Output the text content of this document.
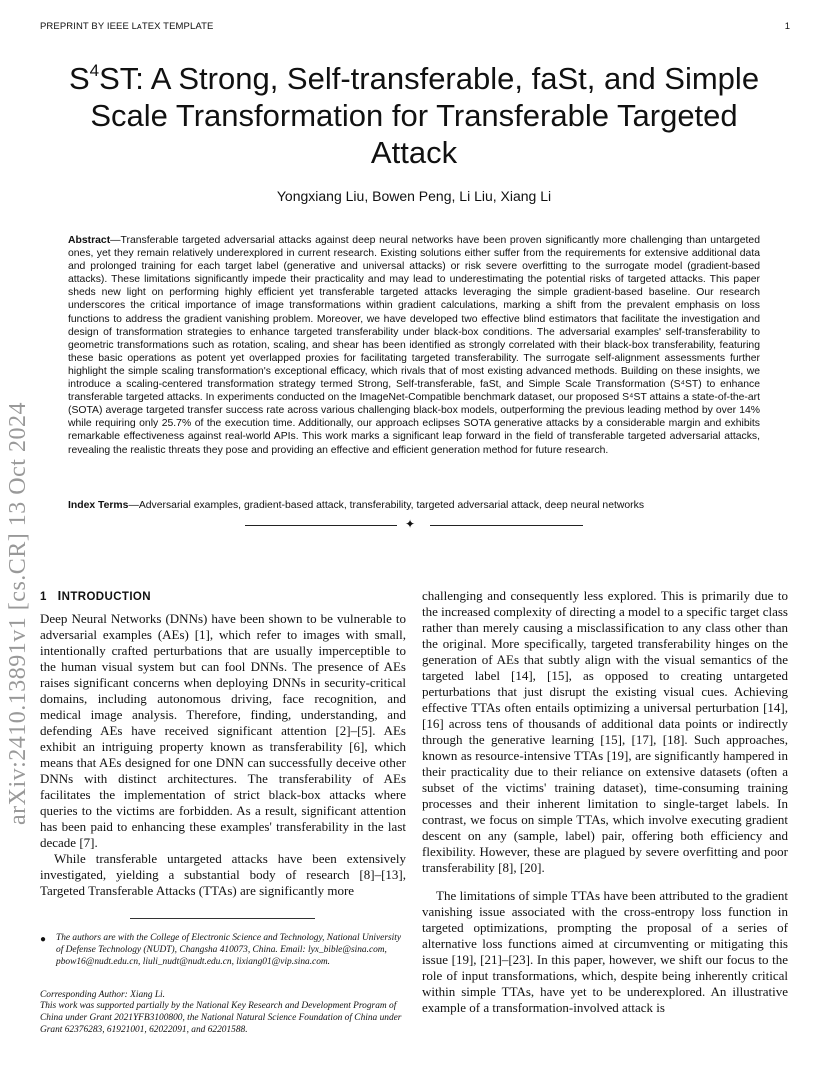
PREPRINT BY IEEE LᴀTEX TEMPLATE	1
$S^4ST$: A Strong, Self-transferable, faSt, and Simple
Scale Transformation for Transferable Targeted
Attack
Yongxiang Liu, Bowen Peng, Li Liu, Xiang Li
Abstract—Transferable targeted adversarial attacks against deep neural networks have been proven significantly more challenging than untargeted ones, yet they remain relatively underexplored in current research. Existing solutions either suffer from the requirements for extensive additional data and prolonged training for each target label (generative and universal attacks) or risk severe overfitting to the surrogate model (gradient-based attacks). These limitations significantly impede their practicality and may lead to underestimating the potential risks of targeted attacks. This paper sheds new light on performing highly efficient yet transferable targeted attacks leveraging the simple gradient-based baseline. Our research underscores the critical importance of image transformations within gradient calculations, marking a shift from the prevalent emphasis on loss functions to address the gradient vanishing problem. Moreover, we have developed two effective blind estimators that facilitate the investigation and design of transformation strategies to enhance targeted transferability under black-box conditions. The adversarial examples' self-transferability to geometric transformations such as rotation, scaling, and shear has been identified as strongly correlated with their black-box transferability, featuring these basic operations as potent yet overlapped proxies for facilitating targeted transferability. The surrogate self-alignment assessments further highlight the simple scaling transformation's exceptional efficacy, which rivals that of most existing advanced methods. Building on these insights, we introduce a scaling-centered transformation strategy termed Strong, Self-transferable, faSt, and Simple Scale Transformation (S⁴ST) to enhance transferable targeted attacks. In experiments conducted on the ImageNet-Compatible benchmark dataset, our proposed S⁴ST attains a state-of-the-art (SOTA) average targeted transfer success rate across various challenging black-box models, outperforming the previous leading method by over 14% while requiring only 25.7% of the execution time. Additionally, our approach eclipses SOTA generative attacks by a considerable margin and exhibits remarkable effectiveness against real-world APIs. This work marks a significant leap forward in the field of transferable targeted adversarial attacks, revealing the realistic threats they pose and providing an effective and efficient generation method for future research.
Index Terms—Adversarial examples, gradient-based attack, transferability, targeted adversarial attack, deep neural networks
✦
arXiv:2410.13891v1 [cs.CR] 13 Oct 2024 1 INTRODUCTION

Deep Neural Networks (DNNs) have been shown to be vulnerable to adversarial examples (AEs) [1], which refer to images with small, intentionally crafted perturbations that are usually imperceptible to the human visual system but can fool DNNs. The presence of AEs raises significant concerns when deploying DNNs in security-critical domains, including autonomous driving, face recognition, and medical image analysis. Therefore, finding, understanding, and defending AEs have received significant attention [2]–[5]. AEs exhibit an intriguing property known as transferability [6], which means that AEs designed for one DNN can successfully deceive other DNNs with distinct architectures. The transferability of AEs facilitates the implementation of strict black-box attacks where queries to the victims are forbidden. As a result, significant attention has been paid to enhancing these examples' transferability in the last decade [7].

While transferable untargeted attacks have been extensively investigated, yielding a substantial body of research [8]–[13], Targeted Transferable Attacks (TTAs) are significantly more

● The authors are with the College of Electronic Science and Technology, National University of Defense Technology (NUDT), Changsha 410073, China. Email: lyx_bible@sina.com, pbow16@nudt.edu.cn, liuli_nudt@nudt.edu.cn, lixiang01@vip.sina.com.
Corresponding Author: Xiang Li.
This work was supported partially by the National Key Research and Development Program of China under Grant 2021YFB3100800, the National Natural Science Foundation of China under Grant 62376283, 61921001, 62022091, and 62201588.

challenging and consequently less explored. This is primarily due to the increased complexity of directing a model to a specific target class rather than merely causing a misclassification to any class other than the original. More specifically, targeted transferability hinges on the generation of AEs that subtly align with the visual semantics of the targeted label [14], [15], as opposed to creating untargeted perturbations that just disrupt the existing visual cues. Achieving effective TTAs often entails optimizing a universal perturbation [14], [16] across tens of thousands of additional data points or indirectly through the generative learning [15], [17], [18]. Such approaches, known as resource-intensive TTAs [19], are significantly hampered in their practicality due to their reliance on extensive datasets (often a subset of the victims' training dataset), time-consuming training processes and their inherent limitation to single-target labels. In contrast, we focus on simple TTAs, which involve executing gradient descent on any (sample, label) pair, offering both efficiency and flexibility. However, these are plagued by severe overfitting and poor transferability [8], [20].

The limitations of simple TTAs have been attributed to the gradient vanishing issue associated with the cross-entropy loss function in targeted optimizations, prompting the proposal of a series of alternative loss functions aimed at circumventing or mitigating this issue [19], [21]–[23]. In this paper, however, we shift our focus to the role of input transformations, which, despite being inherently critical within simple TTAs, have yet to be underexplored. An illustrative example of a transformation-involved attack is
